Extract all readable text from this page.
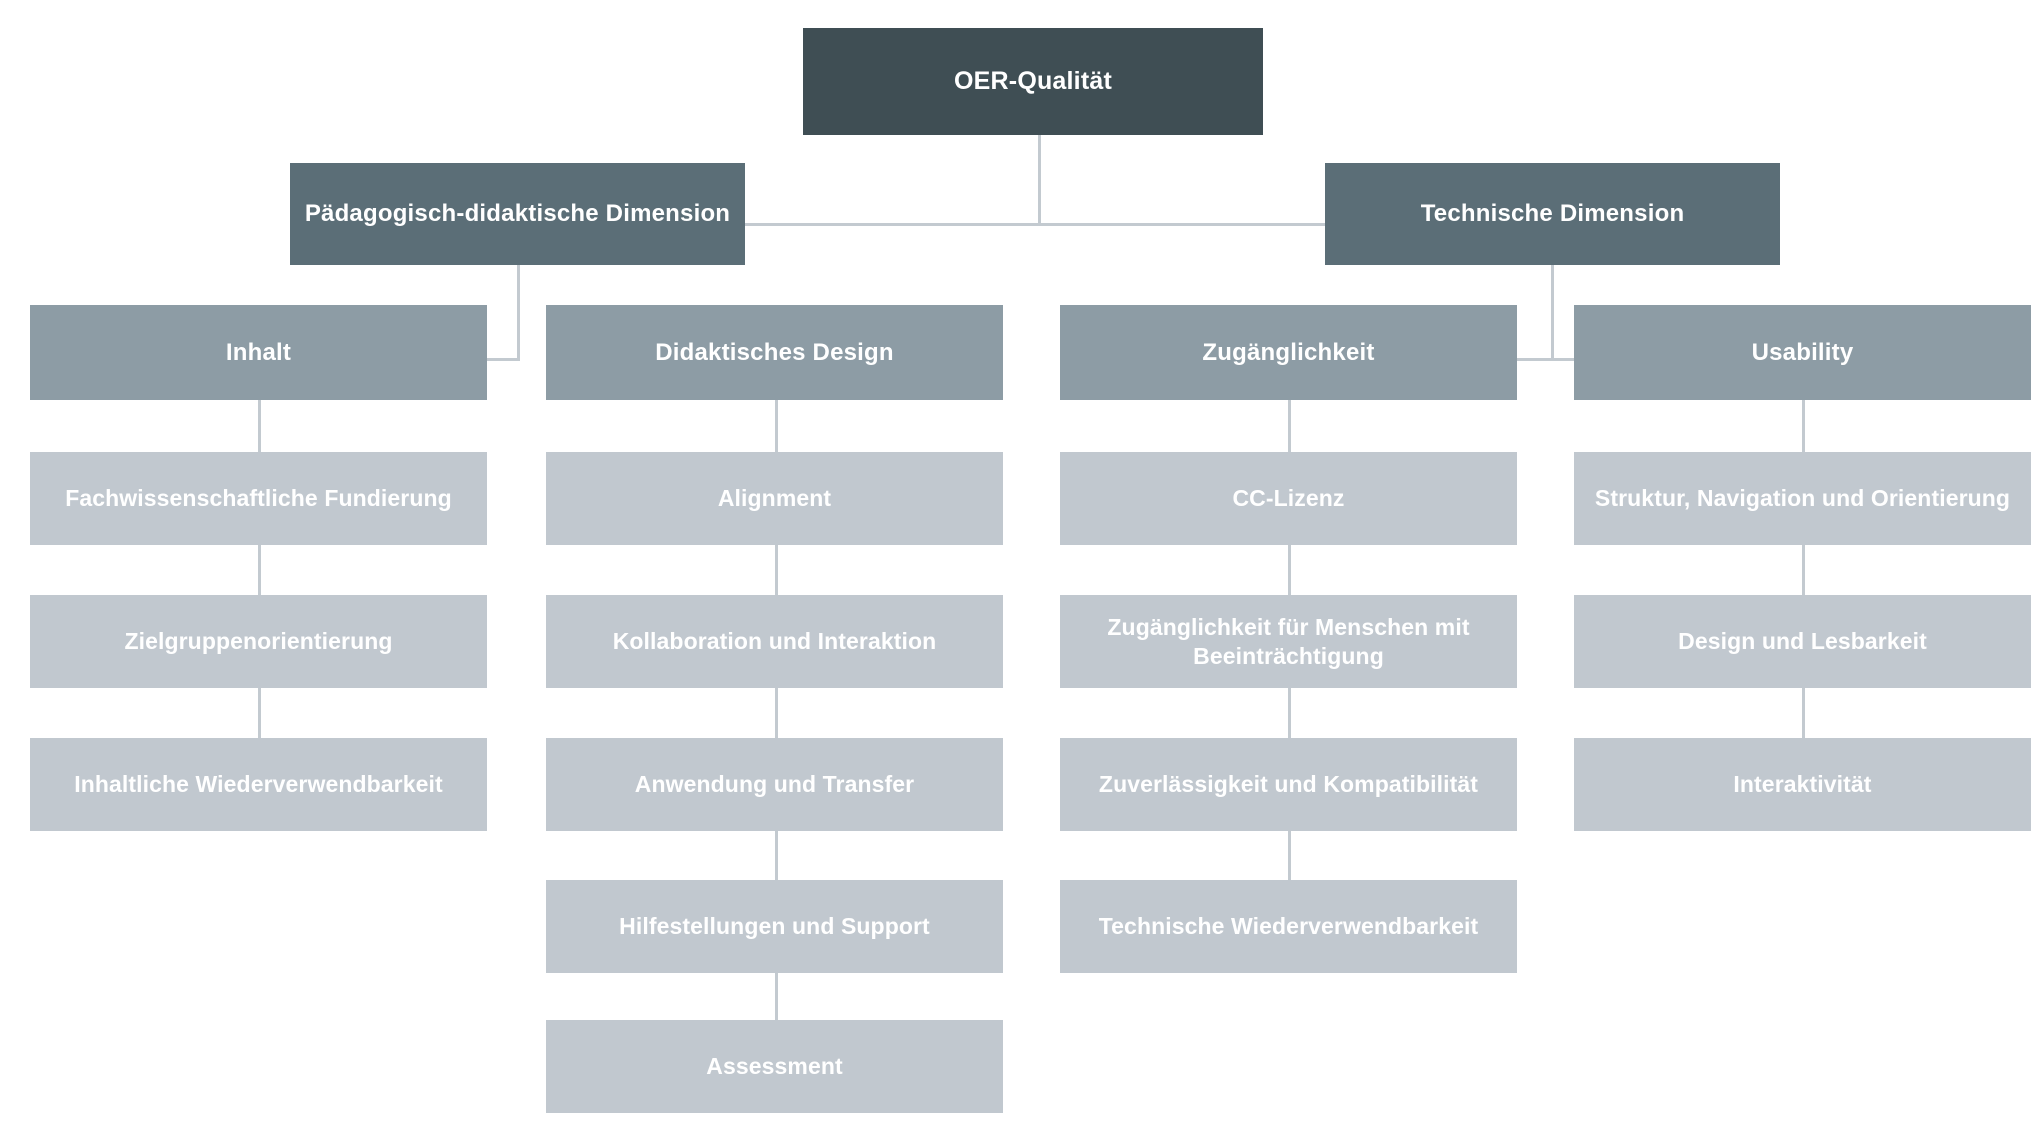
OER-Qualität
Pädagogisch-didaktische Dimension	Technische Dimension
Inhalt	Didaktisches Design	Zugänglichkeit	Usability
Fachwissenschaftliche Fundierung
Zielgruppenorientierung
Inhaltliche Wiederverwendbarkeit
Alignment
Kollaboration und Interaktion
Anwendung und Transfer
Hilfestellungen und Support
Assessment
CC-Lizenz
Zugänglichkeit für Menschen mit Beeinträchtigung
Zuverlässigkeit und Kompatibilität
Technische Wiederverwendbarkeit
Struktur, Navigation und Orientierung
Design und Lesbarkeit
Interaktivität
